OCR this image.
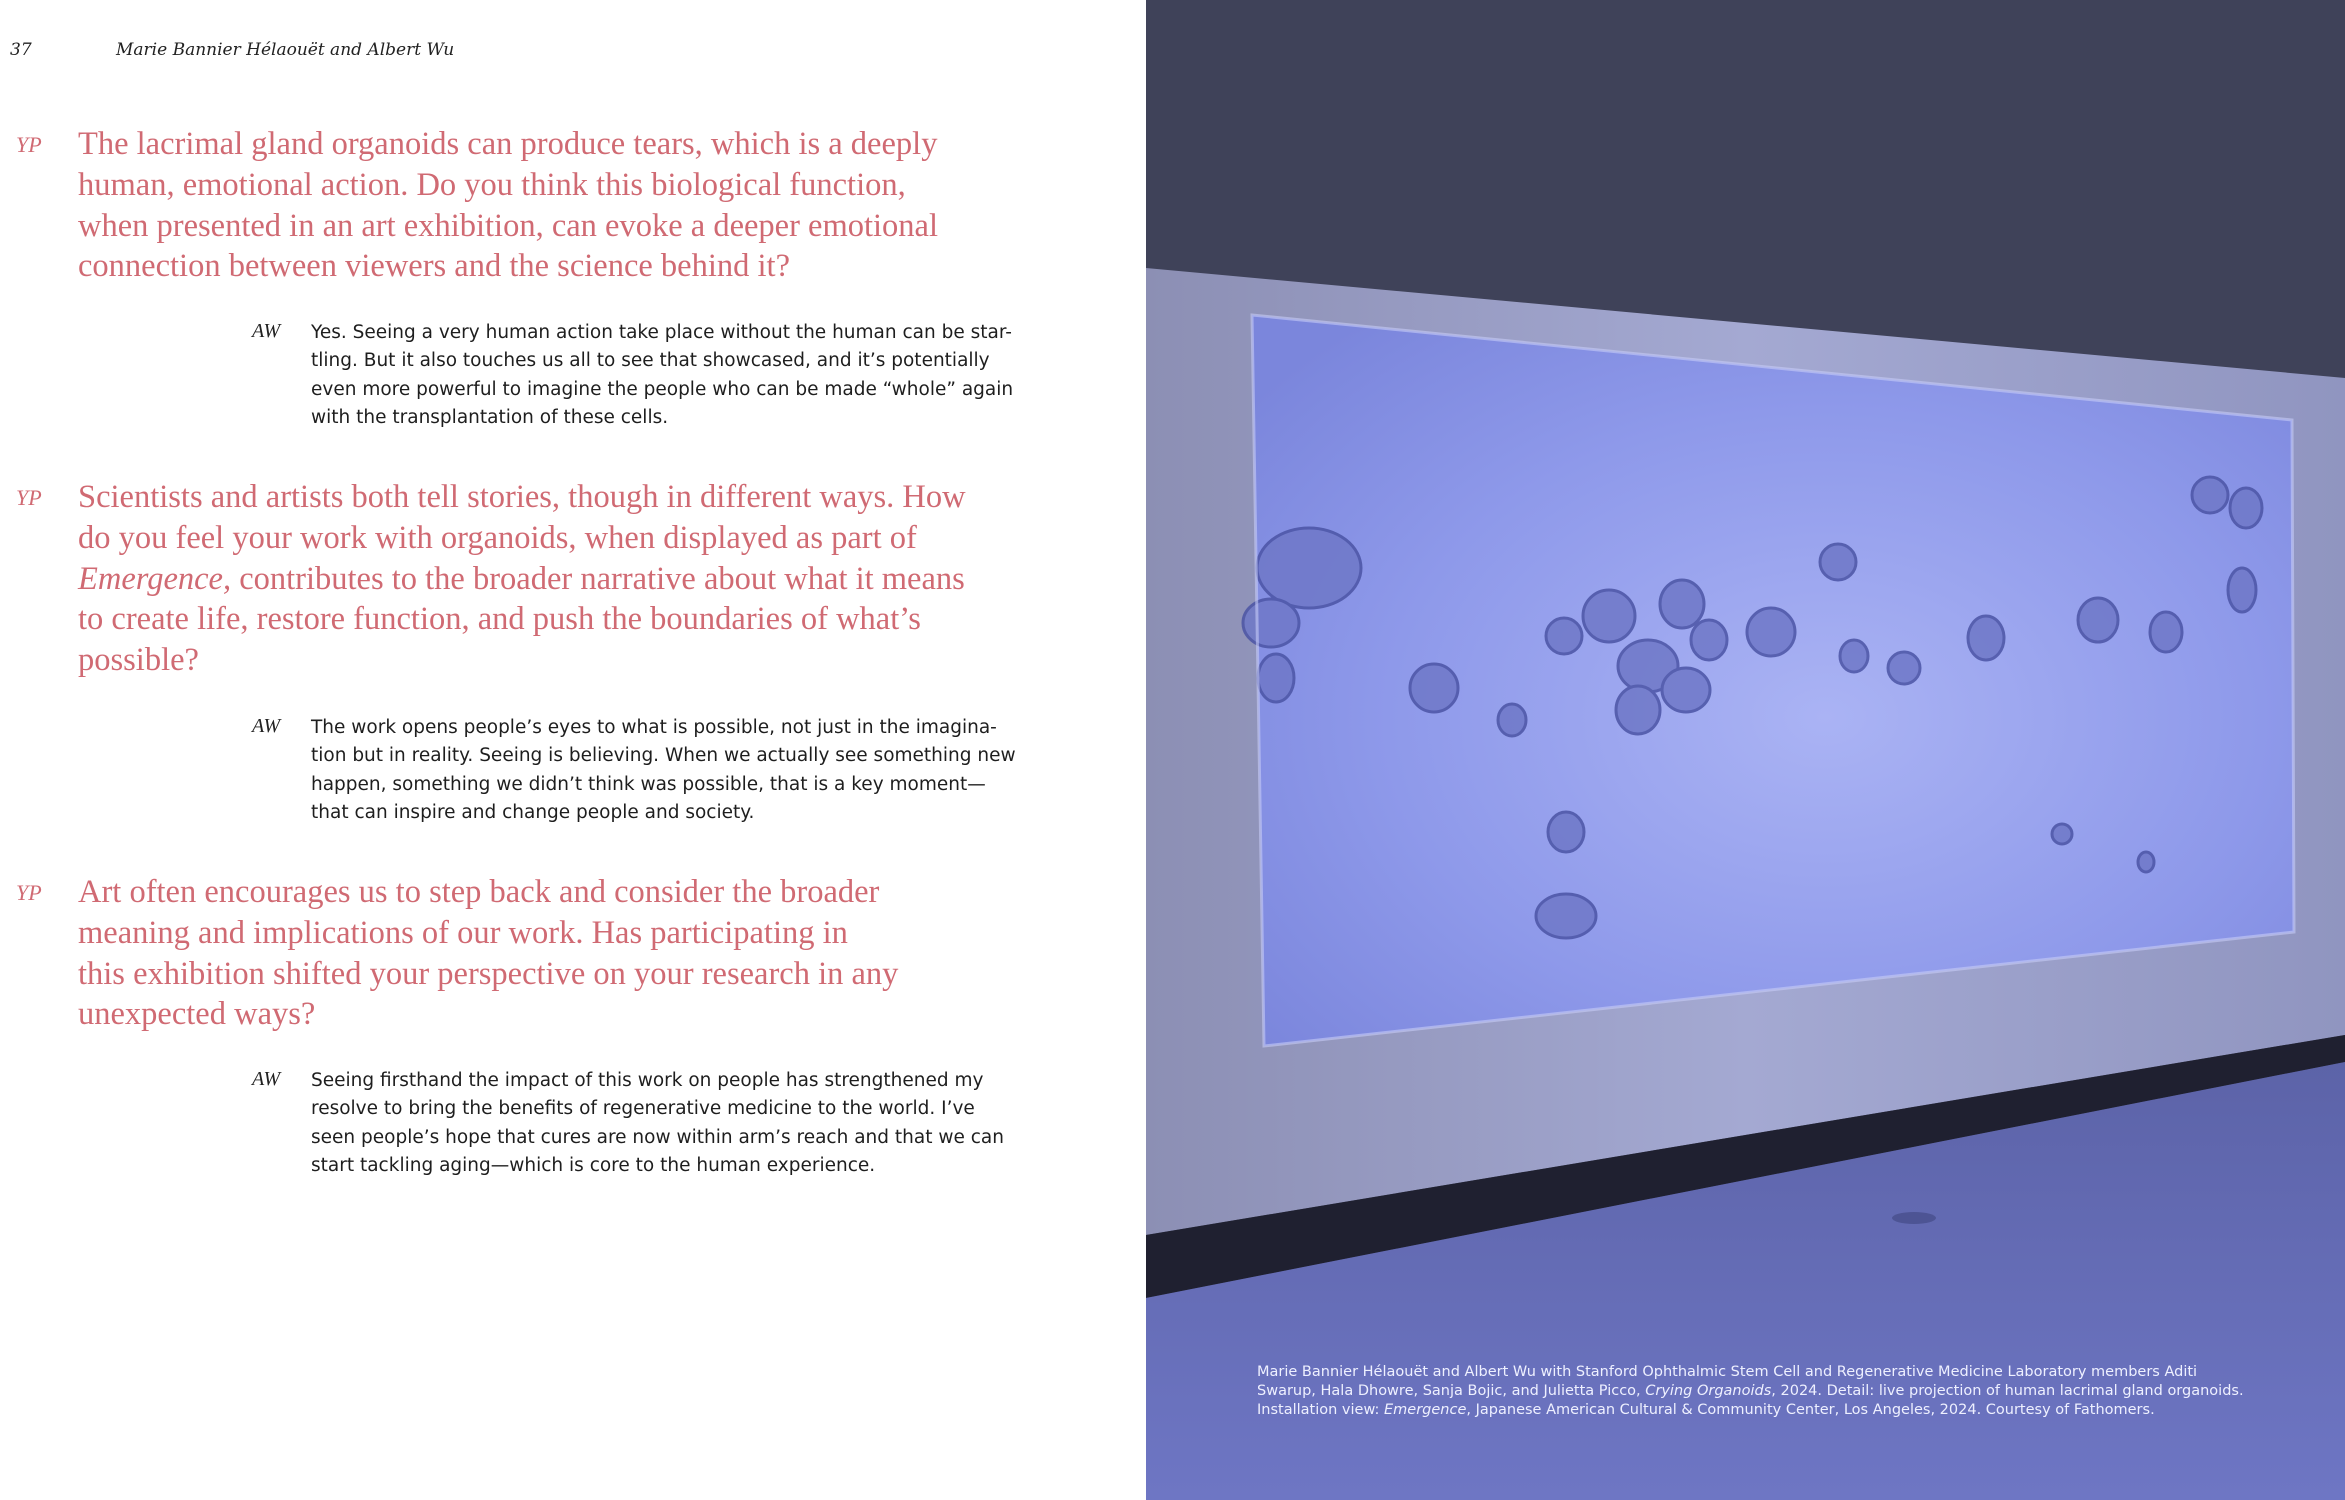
37	Marie Bannier Hélaouët and Albert Wu
YP The lacrimal gland organoids can produce tears, which is a deeply
human, emotional action. Do you think this biological function,
when presented in an art exhibition, can evoke a deeper emotional
connection between viewers and the science behind it?
AW Yes. Seeing a very human action take place without the human can be star-
tling. But it also touches us all to see that showcased, and it’s potentially
even more powerful to imagine the people who can be made “whole” again
with the transplantation of these cells.
YP Scientists and artists both tell stories, though in different ways. How
do you feel your work with organoids, when displayed as part of
Emergence, contributes to the broader narrative about what it means
to create life, restore function, and push the boundaries of what’s
possible?
AW The work opens people’s eyes to what is possible, not just in the imagina-
tion but in reality. Seeing is believing. When we actually see something new
happen, something we didn’t think was possible, that is a key moment—
that can inspire and change people and society.
YP Art often encourages us to step back and consider the broader
meaning and implications of our work. Has participating in
this exhibition shifted your perspective on your research in any
unexpected ways?
AW Seeing firsthand the impact of this work on people has strengthened my
resolve to bring the benefits of regenerative medicine to the world. I’ve
seen people’s hope that cures are now within arm’s reach and that we can
start tackling aging—which is core to the human experience.
Marie Bannier Hélaouët and Albert Wu with Stanford Ophthalmic Stem Cell and Regenerative Medicine Laboratory members Aditi
Swarup, Hala Dhowre, Sanja Bojic, and Julietta Picco, Crying Organoids, 2024. Detail: live projection of human lacrimal gland organoids.
Installation view: Emergence, Japanese American Cultural & Community Center, Los Angeles, 2024. Courtesy of Fathomers.
